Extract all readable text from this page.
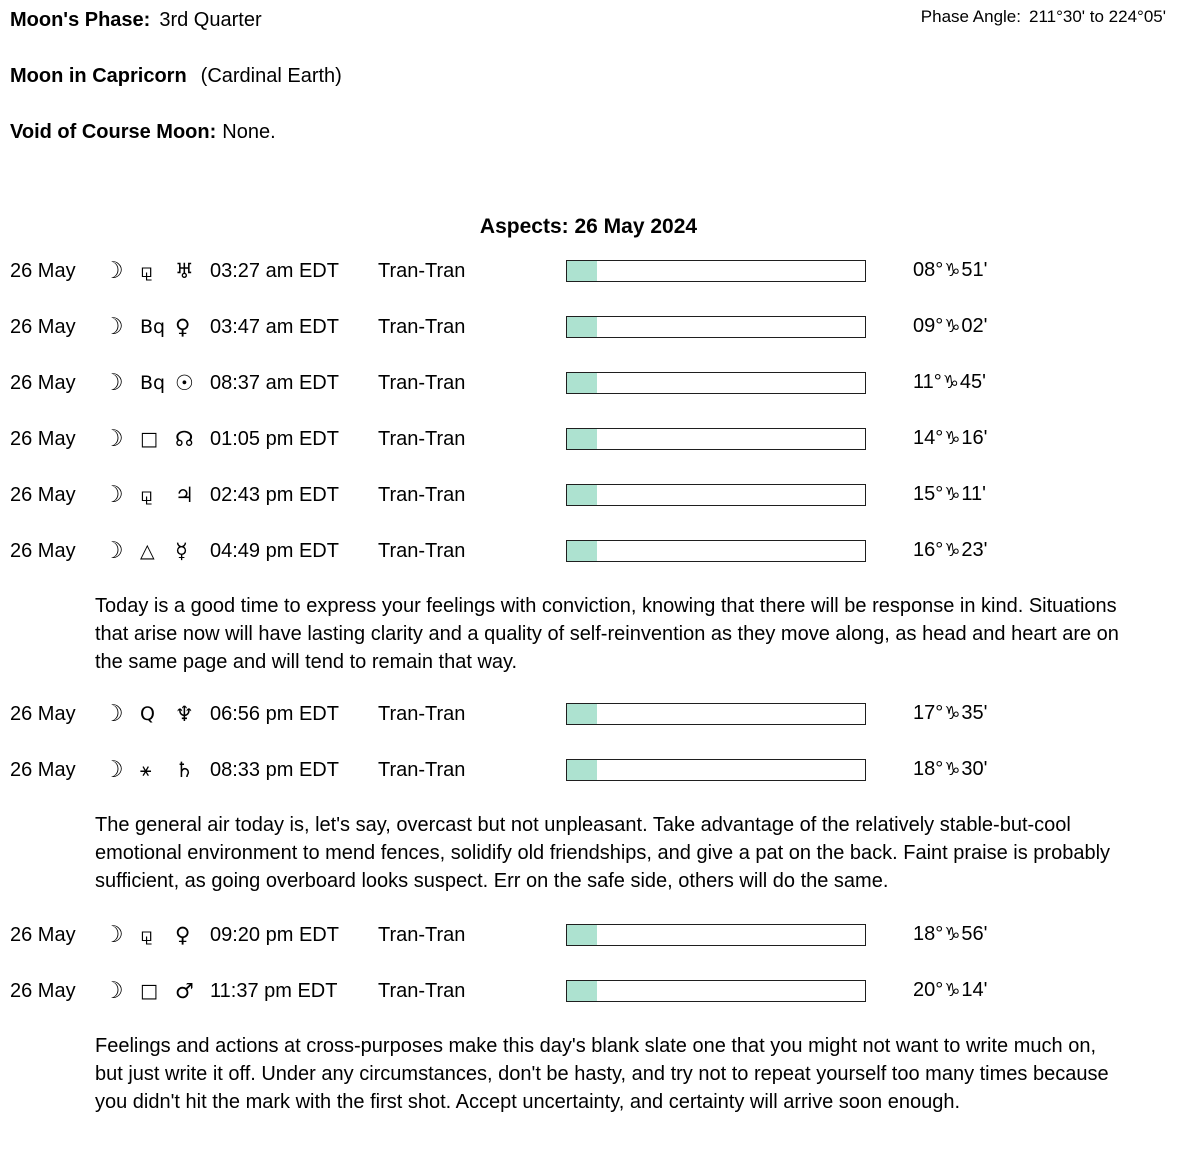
Moon's Phase: 3rd Quarter	Phase Angle: 211°30' to 224°05'
Moon in Capricorn (Cardinal Earth)
Void of Course Moon: None.
Aspects: 26 May 2024
26 May	☽ ⚼	♅ 03:27 am EDT	Tran-Tran	08°♑51'
26 May	☽ Bq ♀ 03:47 am EDT	Tran-Tran	09°♑02'
26 May	☽ Bq ☉ 08:37 am EDT	Tran-Tran	11°♑45'
26 May	☽ □ ☊ 01:05 pm EDT	Tran-Tran	14°♑16'
26 May	☽ ⚼	♃ 02:43 pm EDT	Tran-Tran	15°♑11'
26 May	☽ △ ☿	04:49 pm EDT	Tran-Tran	16°♑23'

Today is a good time to express your feelings with conviction, knowing that there will be response in kind. Situations that arise now will have lasting clarity and a quality of self-reinvention as they move along, as head and heart are on the same page and will tend to remain that way.

26 May	☽ Q ♆ 06:56 pm EDT	Tran-Tran	17°♑35'
26 May	☽ ⚹	♄ 08:33 pm EDT	Tran-Tran	18°♑30'

The general air today is, let's say, overcast but not unpleasant. Take advantage of the relatively stable-but-cool emotional environment to mend fences, solidify old friendships, and give a pat on the back. Faint praise is probably sufficient, as going overboard looks suspect. Err on the safe side, others will do the same.

26 May	☽ ⚼	♀ 09:20 pm EDT	Tran-Tran	18°♑56'
26 May	☽ □ ♂ 11:37 pm EDT	Tran-Tran	20°♑14'

Feelings and actions at cross-purposes make this day's blank slate one that you might not want to write much on, but just write it off. Under any circumstances, don't be hasty, and try not to repeat yourself too many times because you didn't hit the mark with the first shot. Accept uncertainty, and certainty will arrive soon enough.
